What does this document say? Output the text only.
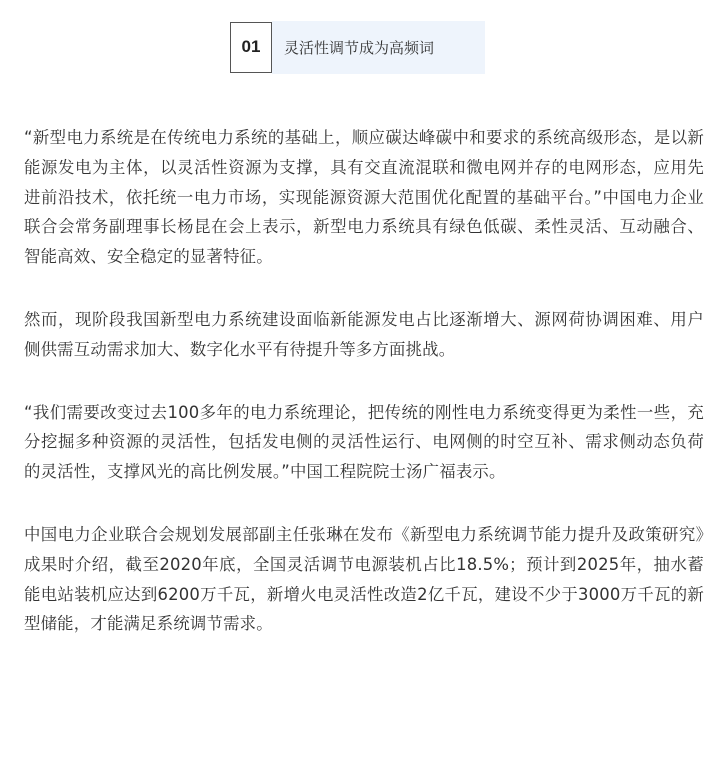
01	灵活性调节成为高频词

“新型电力系统是在传统电力系统的基础上，顺应碳达峰碳中和要求的系统高级形态，是以新能源发电为主体，以灵活性资源为支撑，具有交直流混联和微电网并存的电网形态，应用先进前沿技术，依托统一电力市场，实现能源资源大范围优化配置的基础平台。”中国电力企业联合会常务副理事长杨昆在会上表示，新型电力系统具有绿色低碳、柔性灵活、互动融合、智能高效、安全稳定的显著特征。

然而，现阶段我国新型电力系统建设面临新能源发电占比逐渐增大、源网荷协调困难、用户侧供需互动需求加大、数字化水平有待提升等多方面挑战。

“我们需要改变过去100多年的电力系统理论，把传统的刚性电力系统变得更为柔性一些，充分挖掘多种资源的灵活性，包括发电侧的灵活性运行、电网侧的时空互补、需求侧动态负荷的灵活性，支撑风光的高比例发展。”中国工程院院士汤广福表示。

中国电力企业联合会规划发展部副主任张琳在发布《新型电力系统调节能力提升及政策研究》成果时介绍，截至2020年底，全国灵活调节电源装机占比18.5%；预计到2025年，抽水蓄能电站装机应达到6200万千瓦，新增火电灵活性改造2亿千瓦，建设不少于3000万千瓦的新型储能，才能满足系统调节需求。
